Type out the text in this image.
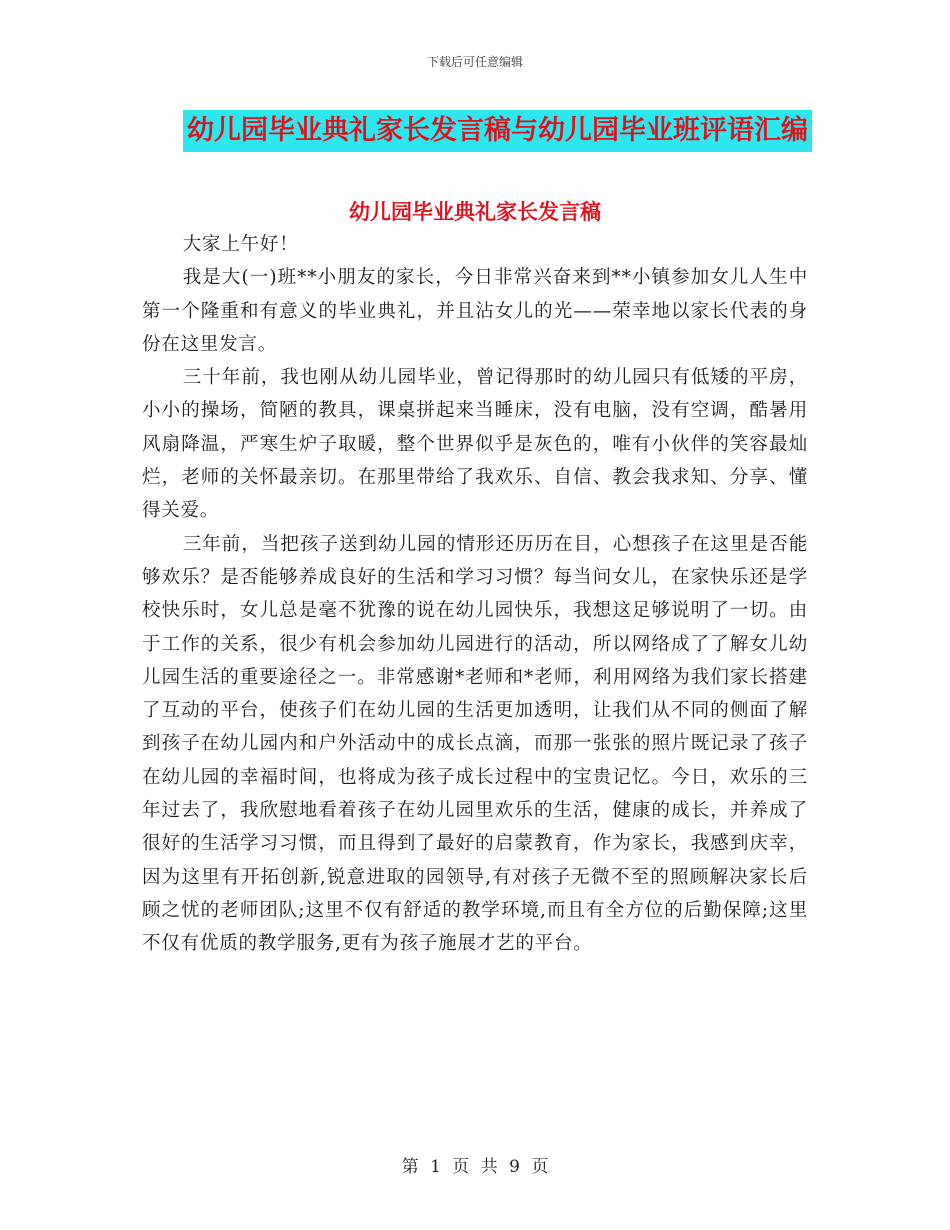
下载后可任意编辑
幼儿园毕业典礼家长发言稿与幼儿园毕业班评语汇编
幼儿园毕业典礼家长发言稿

大家上午好！

我是大(一)班**小朋友的家长，今日非常兴奋来到**小镇参加女儿人生中第一个隆重和有意义的毕业典礼，并且沾女儿的光——荣幸地以家长代表的身份在这里发言。

三十年前，我也刚从幼儿园毕业，曾记得那时的幼儿园只有低矮的平房，小小的操场，简陋的教具，课桌拼起来当睡床，没有电脑，没有空调，酷暑用风扇降温，严寒生炉子取暖，整个世界似乎是灰色的，唯有小伙伴的笑容最灿烂，老师的关怀最亲切。在那里带给了我欢乐、自信、教会我求知、分享、懂得关爱。

三年前，当把孩子送到幼儿园的情形还历历在目，心想孩子在这里是否能够欢乐？是否能够养成良好的生活和学习习惯？每当问女儿，在家快乐还是学校快乐时，女儿总是毫不犹豫的说在幼儿园快乐，我想这足够说明了一切。由于工作的关系，很少有机会参加幼儿园进行的活动，所以网络成了了解女儿幼儿园生活的重要途径之一。非常感谢*老师和*老师，利用网络为我们家长搭建了互动的平台，使孩子们在幼儿园的生活更加透明，让我们从不同的侧面了解到孩子在幼儿园内和户外活动中的成长点滴，而那一张张的照片既记录了孩子在幼儿园的幸福时间，也将成为孩子成长过程中的宝贵记忆。今日，欢乐的三年过去了，我欣慰地看着孩子在幼儿园里欢乐的生活，健康的成长，并养成了很好的生活学习习惯，而且得到了最好的启蒙教育，作为家长，我感到庆幸，因为这里有开拓创新,锐意进取的园领导,有对孩子无微不至的照顾解决家长后顾之忧的老师团队;这里不仅有舒适的教学环境,而且有全方位的后勤保障;这里不仅有优质的教学服务,更有为孩子施展才艺的平台。

第 1 页 共 9 页
